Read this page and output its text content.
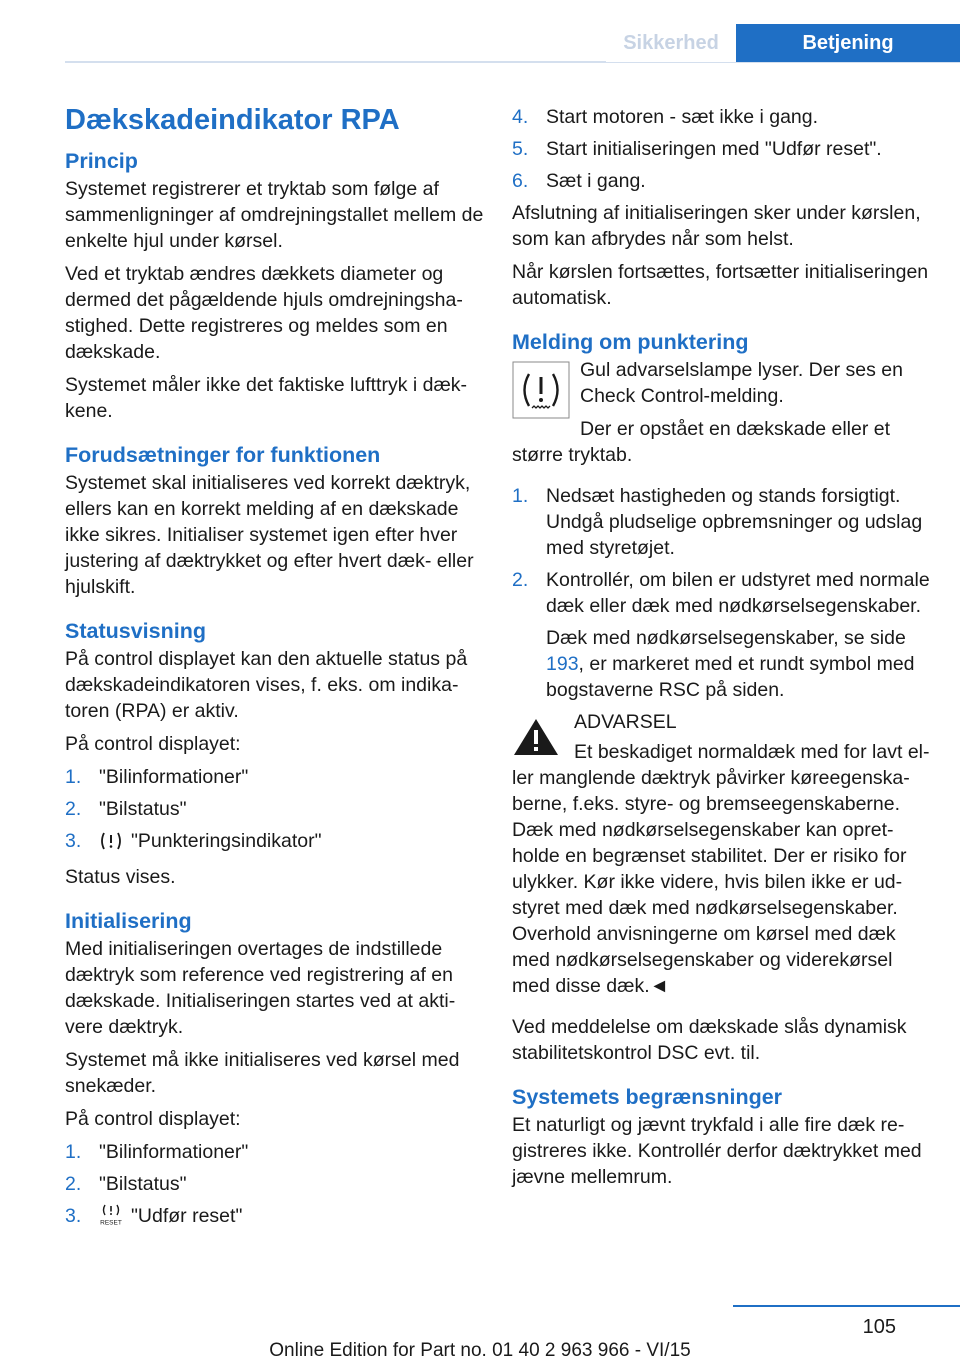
Sikkerhed	Betjening
Dækskadeindikator RPA
Princip

Systemet registrerer et tryktab som følge af sammenligninger af omdrejningstallet mellem de enkelte hjul under kørsel.

Ved et tryktab ændres dækkets diameter og dermed det pågældende hjuls omdrejningshastighed. Dette registreres og meldes som en dækskade.

Systemet måler ikke det faktiske lufttryk i dækkene.

Forudsætninger for funktionen

Systemet skal initialiseres ved korrekt dæktryk, ellers kan en korrekt melding af en dækskade ikke sikres. Initialiser systemet igen efter hver justering af dæktrykket og efter hvert dæk- eller hjulskift.

Statusvisning

På control displayet kan den aktuelle status på dækskadeindikatoren vises, f. eks. om indikatoren (RPA) er aktiv.

På control displayet:

1. "Bilinformationer"
2. "Bilstatus"
3.	"Punkteringsindikator"

Status vises.

Initialisering

Med initialiseringen overtages de indstillede dæktryk som reference ved registrering af en dækskade. Initialiseringen startes ved at aktivere dæktryk.

Systemet må ikke initialiseres ved kørsel med snekæder.

På control displayet:

1. "Bilinformationer"
2. "Bilstatus"
3.	RESET "Udfør reset"
4. Start motoren - sæt ikke i gang.
5. Start initialiseringen med "Udfør reset".
6. Sæt i gang.

Afslutning af initialiseringen sker under kørslen, som kan afbrydes når som helst.

Når kørslen fortsættes, fortsætter initialiseringen automatisk.

Melding om punktering

Gul advarselslampe lyser. Der ses en Check Control-melding.

Der er opstået en dækskade eller et større tryktab.

1. Nedsæt hastigheden og stands forsigtigt. Undgå pludselige opbremsninger og udslag med styretøjet.
2. Kontrollér, om bilen er udstyret med normale dæk eller dæk med nødkørselsegenskaber.
Dæk med nødkørselsegenskaber, se side 193, er markeret med et rundt symbol med bogstaverne RSC på siden.

ADVARSEL

Et beskadiget normaldæk med for lavt eller manglende dæktryk påvirker køreegenskaberne, f.eks. styre- og bremseegenskaberne. Dæk med nødkørselsegenskaber kan opretholde en begrænset stabilitet. Der er risiko for ulykker. Kør ikke videre, hvis bilen ikke er udstyret med dæk med nødkørselsegenskaber. Overhold anvisningerne om kørsel med dæk med nødkørselsegenskaber og viderekørsel med disse dæk.◄

Ved meddelelse om dækskade slås dynamisk stabilitetskontrol DSC evt. til.

Systemets begrænsninger

Et naturligt og jævnt trykfald i alle fire dæk registreres ikke. Kontrollér derfor dæktrykket med jævne mellemrum.

105
Online Edition for Part no. 01 40 2 963 966 - VI/15
